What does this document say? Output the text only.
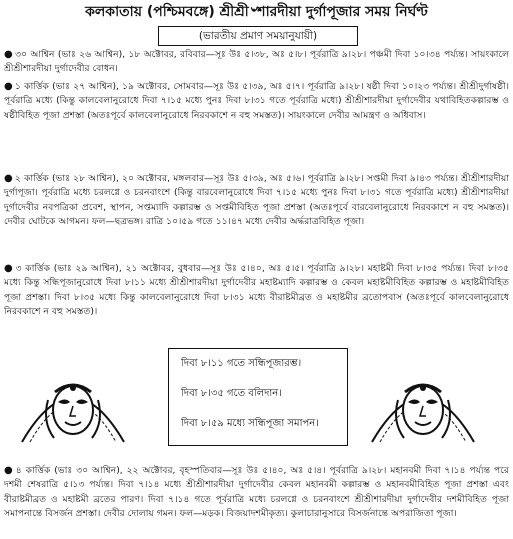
কলকাতায় (পশ্চিমবঙ্গে) শ্রীশ্রী৺শারদীয়া দুর্গাপূজার সময় নির্ঘণ্ট
(ভারতীয় প্রমাণ সময়ানুযায়ী)

● ৩০ আশ্বিন (ভাঃ ২৬ আশ্বিন), ১৮ অক্টোবর, রবিবার—সূঃ উঃ ৫।৩৮, অঃ ৫।৮। পূর্বরাত্রি ৯।২৮। পঞ্চমী দিবা ১০।৩৪ পর্য্যন্ত। সায়ংকালে শ্রীশ্রীশারদীয়া দুর্গাদেবীর বোধন।

● ১ কার্ত্তিক (ভাঃ ২৭ আশ্বিন), ১৯ অক্টোবর, সোমবার—সূঃ উঃ ৫।৩৯, অঃ ৫।৭। পূর্বরাত্রি ৯।২৮। ষষ্ঠী দিবা ১০।২৩ পর্য্যন্ত। শ্রীশ্রীদুর্গাষষ্ঠী। পূর্বরাত্রি মধ্যে (কিন্তু কালবেলানুরোধে দিবা ৭।১৫ মধ্যে পুনঃ দিবা ৮।৩১ গতে পূর্বরাত্রি মধ্যে) শ্রীশ্রীশারদীয়া দুর্গাদেবীর যথাবিহিতকল্পারম্ভ ও ষষ্ঠীবিহিত পূজা প্রশস্তা (অতঃপূর্বে কালবেলানুরোধে নিরবকাশে ন বহু সমস্তত)। সায়ংকালে দেবীর আমন্ত্রণ ও অধিবাস।

● ২ কার্ত্তিক (ভাঃ ২৮ আশ্বিন), ২০ অক্টোবর, মঙ্গলবার—সূঃ উঃ ৫।৩৯, অঃ ৫।৬। পূর্বরাত্রি ৯।২৮। সপ্তমী দিবা ৯।৪৩ পর্য্যন্ত। শ্রীশ্রীশারদীয়া দুর্গাপূজা। পূর্বরাত্রি মধ্যে চরলগ্নে ও চরনবাংশে (কিন্তু বারবেলানুরোধে দিবা ৭।১৫ মধ্যে পুনঃ দিবা ৮।৩১ গতে পূর্বরাত্রি মধ্যে) শ্রীশ্রীশারদীয়া দুর্গাদেবীর নবপত্রিকা প্রবেশ, স্থাপন, সপ্তম্যাদি কল্পারম্ভ ও সপ্তমীবিহিত পূজা প্রশস্তা (অতঃপূর্বে বারবেলানুরোধে নিরবকাশে ন বহু সমস্তত)। দেবীর ঘোটকে আগমন। ফল—ছত্রভঙ্গ। রাত্রি ১০।৫৯ গতে ১১।৪৭ মধ্যে দেবীর অর্দ্ধরাত্রবিহিত পূজা।

● ৩ কার্ত্তিক (ভাঃ ২৯ আশ্বিন), ২১ অক্টোবর, বুধবার—সূঃ উঃ ৫।৪০, অঃ ৫।৫। পূর্বরাত্রি ৯।২৮। মহাষ্টমী দিবা ৮।৩৫ পর্য্যন্ত। দিবা ৮।৩৫ মধ্যে কিন্তু সন্ধিপূজানুরোধে দিবা ৮।১১ মধ্যে শ্রীশ্রীশারদীয়া দুর্গাদেবীর মহাষ্টম্যাদি কল্পারম্ভ ও কেবল মহাষ্টমীবিহিত কল্পারম্ভ ও মহাষ্টমীবিহিত পূজা প্রশস্তা। দিবা ৮।৩৫ মধ্যে কিন্তু কালবেলানুরোধে দিবা ৮।৩১ মধ্যে বীরাষ্টমীব্রত ও মহাষ্টমীর ব্রতোপবাস (অতঃপূর্বে কালবেলানুরোধে নিরবকাশে ন বহু সমস্তত)।

দিবা ৮।১১ গতে সন্ধিপূজারম্ভ।
দিবা ৮।৩৫ গতে বলিদান।
দিবা ৮।৫৯ মধ্যে সন্ধিপূজা সমাপন।

● ৪ কার্ত্তিক (ভাঃ ৩০ আশ্বিন), ২২ অক্টোবর, বৃহস্পতিবার—সূঃ উঃ ৫।৪০, অঃ ৫।৪। পূর্বরাত্রি ৯।২৮। মহানবমী দিবা ৭।১৪ পর্য্যন্ত পরে দশমী শেষরাত্রি ৫।১৩ পর্য্যন্ত। দিবা ৭।১৪ মধ্যে শ্রীশ্রীশারদীয়া দুর্গাদেবীর কেবল মহানবমী কল্পারম্ভ ও মহানবমীবিহিত পূজা প্রশস্তা এবং বীরাষ্টমীব্রত ও মহাষ্টমী ব্রতের পারণ। দিবা ৭।১৪ গতে পূর্বরাত্রি মধ্যে চরলগ্নে ও চরনবাংশে শ্রীশ্রীশারদীয়া দুর্গাদেবীর দশমীবিহিত পূজা সমাপনান্তে বিসর্জন প্রশস্তা। দেবীর দোলায় গমন। ফল—মড়ক। বিজয়াদশমীকৃত্য। কুলাচারানুসারে বিসর্জনান্তে অপরাজিতা পূজা।
